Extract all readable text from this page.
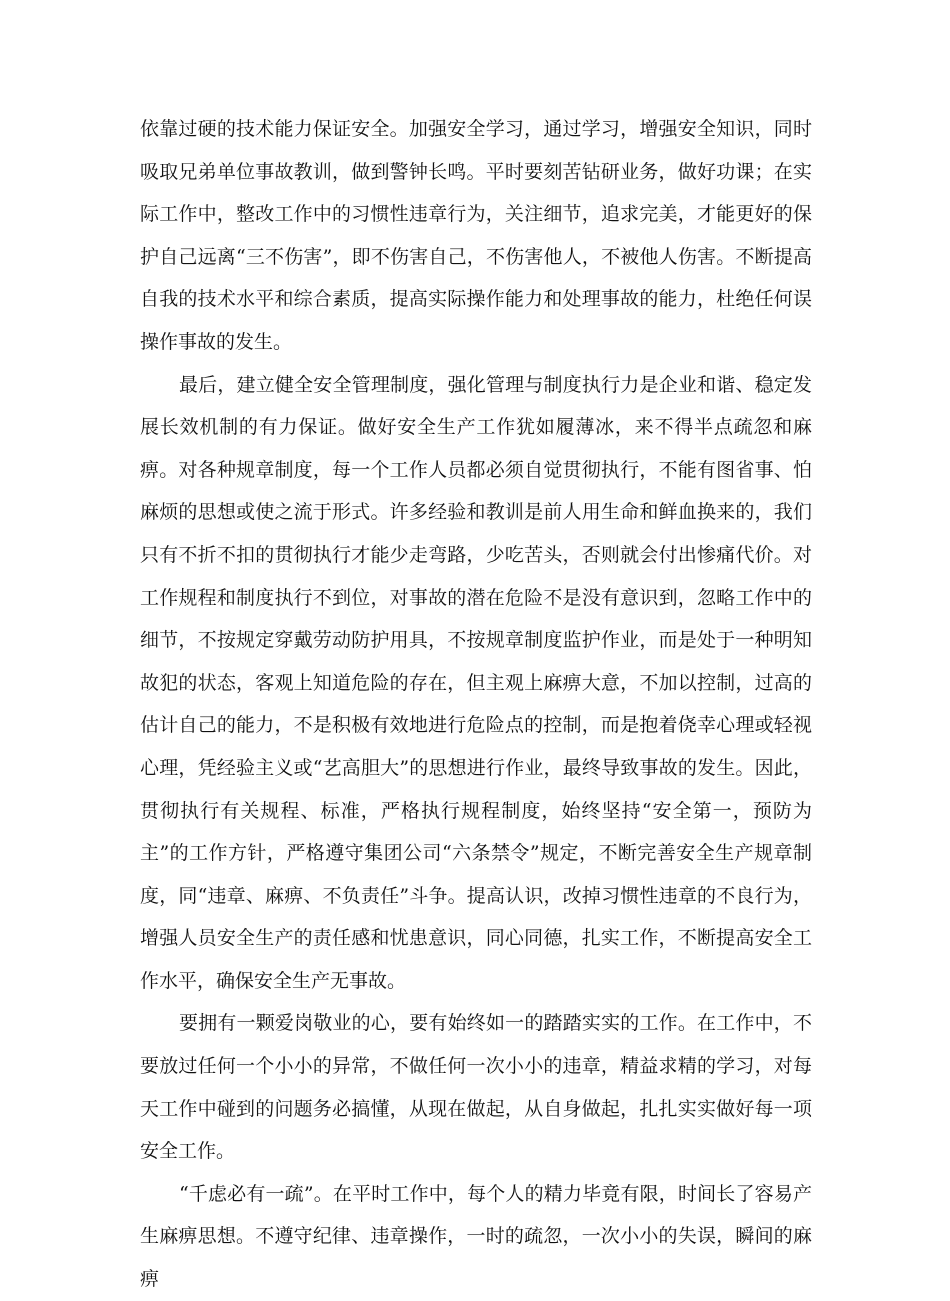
依靠过硬的技术能力保证安全。加强安全学习，通过学习，增强安全知识，同时吸取兄弟单位事故教训，做到警钟长鸣。平时要刻苦钻研业务，做好功课；在实际工作中，整改工作中的习惯性违章行为，关注细节，追求完美，才能更好的保护自己远离“三不伤害”，即不伤害自己，不伤害他人，不被他人伤害。不断提高自我的技术水平和综合素质，提高实际操作能力和处理事故的能力，杜绝任何误操作事故的发生。

最后，建立健全安全管理制度，强化管理与制度执行力是企业和谐、稳定发展长效机制的有力保证。做好安全生产工作犹如履薄冰，来不得半点疏忽和麻痹。对各种规章制度，每一个工作人员都必须自觉贯彻执行，不能有图省事、怕麻烦的思想或使之流于形式。许多经验和教训是前人用生命和鲜血换来的，我们只有不折不扣的贯彻执行才能少走弯路，少吃苦头，否则就会付出惨痛代价。对工作规程和制度执行不到位，对事故的潜在危险不是没有意识到，忽略工作中的细节，不按规定穿戴劳动防护用具，不按规章制度监护作业，而是处于一种明知故犯的状态，客观上知道危险的存在，但主观上麻痹大意，不加以控制，过高的估计自己的能力，不是积极有效地进行危险点的控制，而是抱着侥幸心理或轻视心理，凭经验主义或“艺高胆大”的思想进行作业，最终导致事故的发生。因此，贯彻执行有关规程、标准，严格执行规程制度，始终坚持“安全第一，预防为主”的工作方针，严格遵守集团公司“六条禁令”规定，不断完善安全生产规章制度，同“违章、麻痹、不负责任”斗争。提高认识，改掉习惯性违章的不良行为，增强人员安全生产的责任感和忧患意识，同心同德，扎实工作，不断提高安全工作水平，确保安全生产无事故。

要拥有一颗爱岗敬业的心，要有始终如一的踏踏实实的工作。在工作中，不要放过任何一个小小的异常，不做任何一次小小的违章，精益求精的学习，对每天工作中碰到的问题务必搞懂，从现在做起，从自身做起，扎扎实实做好每一项安全工作。

“千虑必有一疏”。在平时工作中，每个人的精力毕竟有限，时间长了容易产生麻痹思想。不遵守纪律、违章操作，一时的疏忽，一次小小的失误，瞬间的麻痹
